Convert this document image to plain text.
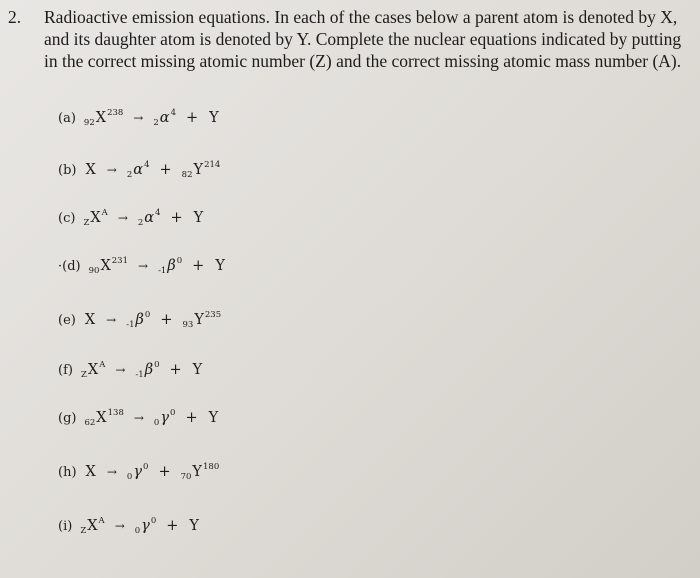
2. Radioactive emission equations. In each of the cases below a parent atom is denoted by X,
and its daughter atom is denoted by Y. Complete the nuclear equations indicated by putting
in the correct missing atomic number (Z) and the correct missing atomic mass number (A).
(a) 92 X 238 → 2 α 4 + Y
(b) X → 2 α 4 + 82 Y 214
(c) Z X A → 2 α 4 + Y
·(d) 90 X 231 → -1 β 0 + Y
(e) X → -1 β 0 + 93 Y 235
(f) Z X A → -1 β 0 + Y
(g) 62 X 138 → 0 γ 0 + Y
(h) X → 0 γ 0 + 70 Y 180
(i) Z X A → 0 γ 0 + Y
